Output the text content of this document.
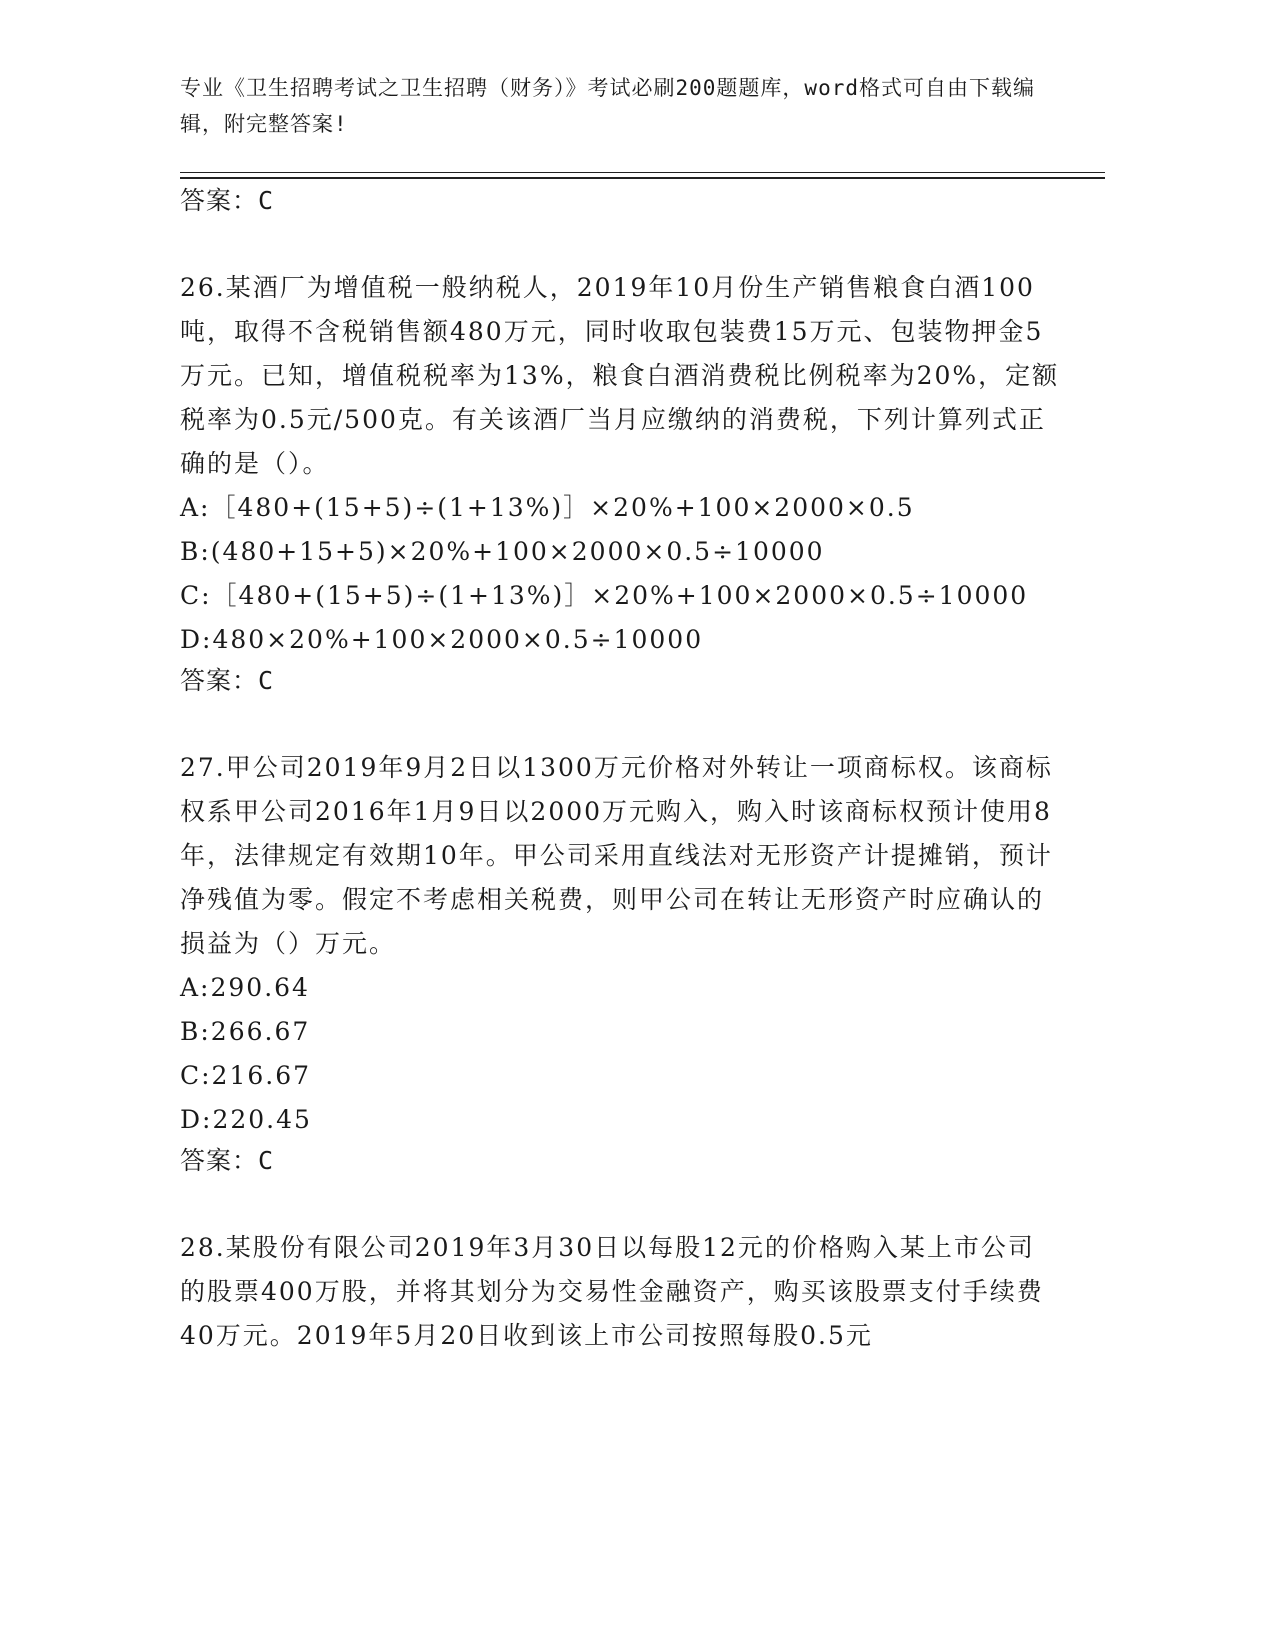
专业《卫生招聘考试之卫生招聘（财务）》考试必刷200题题库，word格式可自由下载编辑，附完整答案!
答案：C
26.某酒厂为增值税一般纳税人，2019年10月份生产销售粮食白酒100吨，取得不含税销售额480万元，同时收取包装费15万元、包装物押金5万元。已知，增值税税率为13%，粮食白酒消费税比例税率为20%，定额税率为0.5元/500克。有关该酒厂当月应缴纳的消费税，下列计算列式正确的是（）。
A:［480+(15+5)÷(1+13%)］×20%+100×2000×0.5
B:(480+15+5)×20%+100×2000×0.5÷10000
C:［480+(15+5)÷(1+13%)］×20%+100×2000×0.5÷10000
D:480×20%+100×2000×0.5÷10000
答案：C
27.甲公司2019年9月2日以1300万元价格对外转让一项商标权。该商标权系甲公司2016年1月9日以2000万元购入，购入时该商标权预计使用8年，法律规定有效期10年。甲公司采用直线法对无形资产计提摊销，预计净残值为零。假定不考虑相关税费，则甲公司在转让无形资产时应确认的损益为（）万元。
A:290.64
B:266.67
C:216.67
D:220.45
答案：C
28.某股份有限公司2019年3月30日以每股12元的价格购入某上市公司的股票400万股，并将其划分为交易性金融资产，购买该股票支付手续费40万元。2019年5月20日收到该上市公司按照每股0.5元
